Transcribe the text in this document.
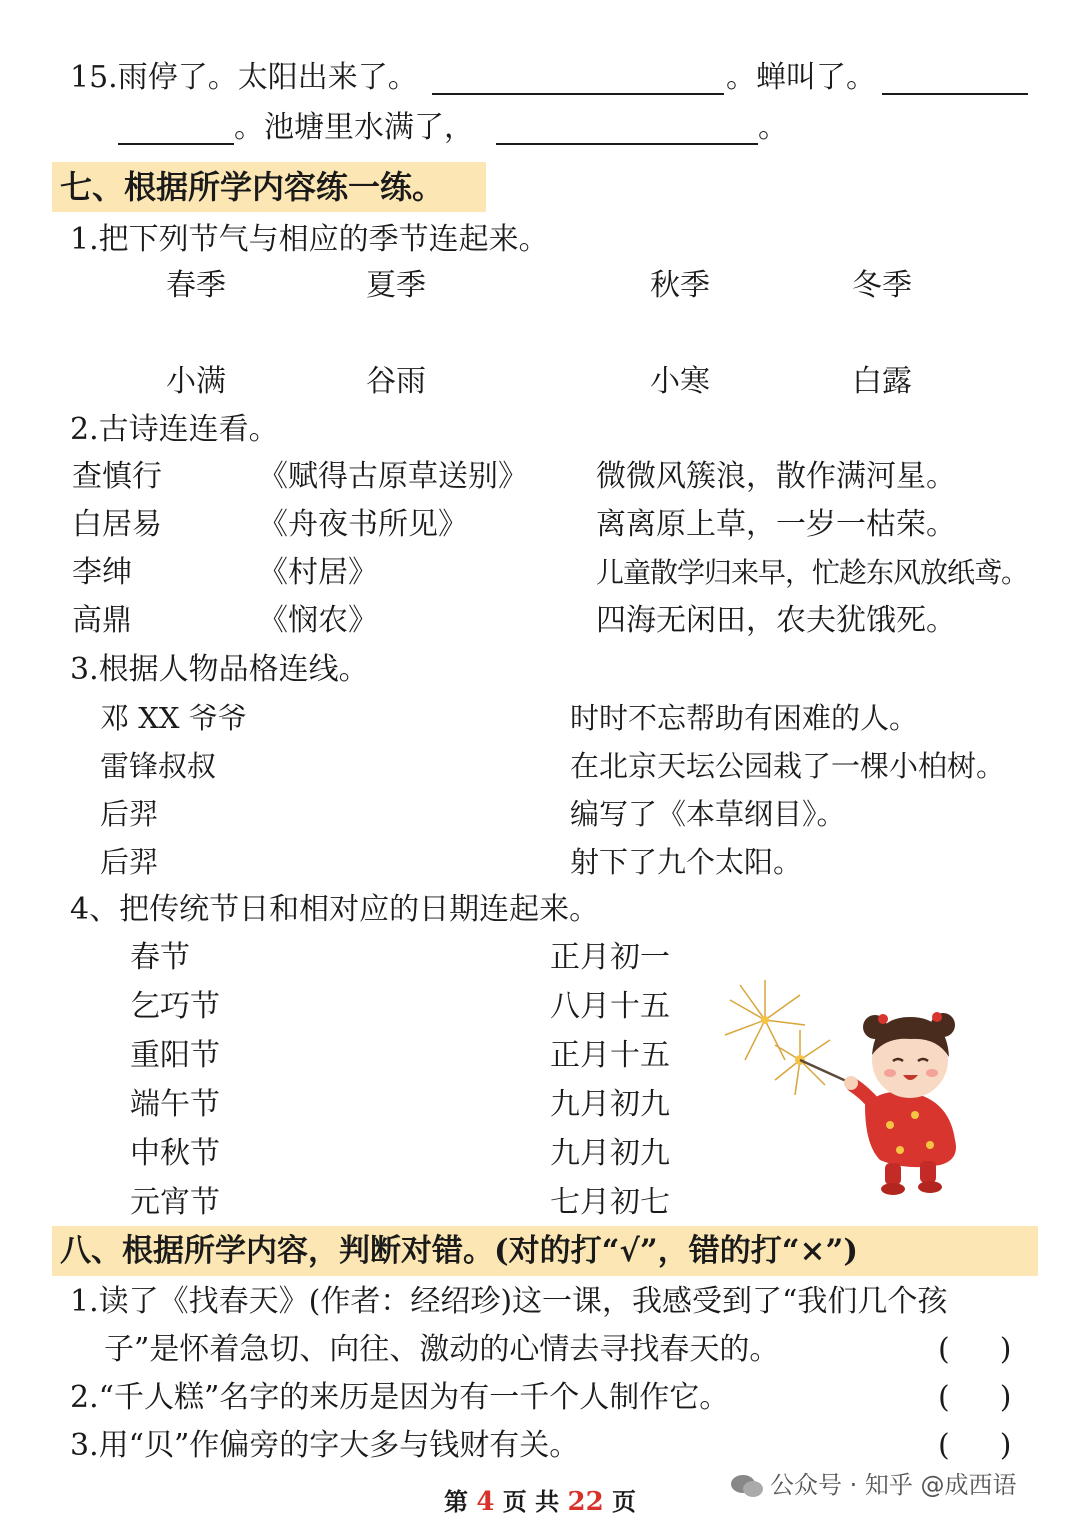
15.雨停了。太阳出来了。	。蝉叫了。
。池塘里水满了，	。
七、根据所学内容练一练。
1.把下列节气与相应的季节连起来。
春季	夏季	秋季	冬季
小满	谷雨	小寒	白露
2.古诗连连看。
查慎行	《赋得古原草送别》 微微风簇浪，散作满河星。
白居易	《舟夜书所见》	离离原上草，一岁一枯荣。
李绅	《村居》	儿童散学归来早，忙趁东风放纸鸢。
高鼎	《悯农》	四海无闲田，农夫犹饿死。
3.根据人物品格连线。
邓 XX 爷爷	时时不忘帮助有困难的人。
雷锋叔叔	在北京天坛公园栽了一棵小柏树。
后羿	编写了《本草纲目》。
后羿	射下了九个太阳。
4、把传统节日和相对应的日期连起来。
春节	正月初一
乞巧节	八月十五
重阳节	正月十五
端午节	九月初九
中秋节	九月初九
元宵节	七月初七
八、根据所学内容，判断对错。(对的打“√”，错的打“×”)
1.读了《找春天》(作者：经绍珍)这一课，我感受到了“我们几个孩
子”是怀着急切、向往、激动的心情去寻找春天的。	()
2.“千人糕”名字的来历是因为有一千个人制作它。	()
3.用“贝”作偏旁的字大多与钱财有关。	()
公众号 · 知乎 @成西语
第 4 页 共 22 页
